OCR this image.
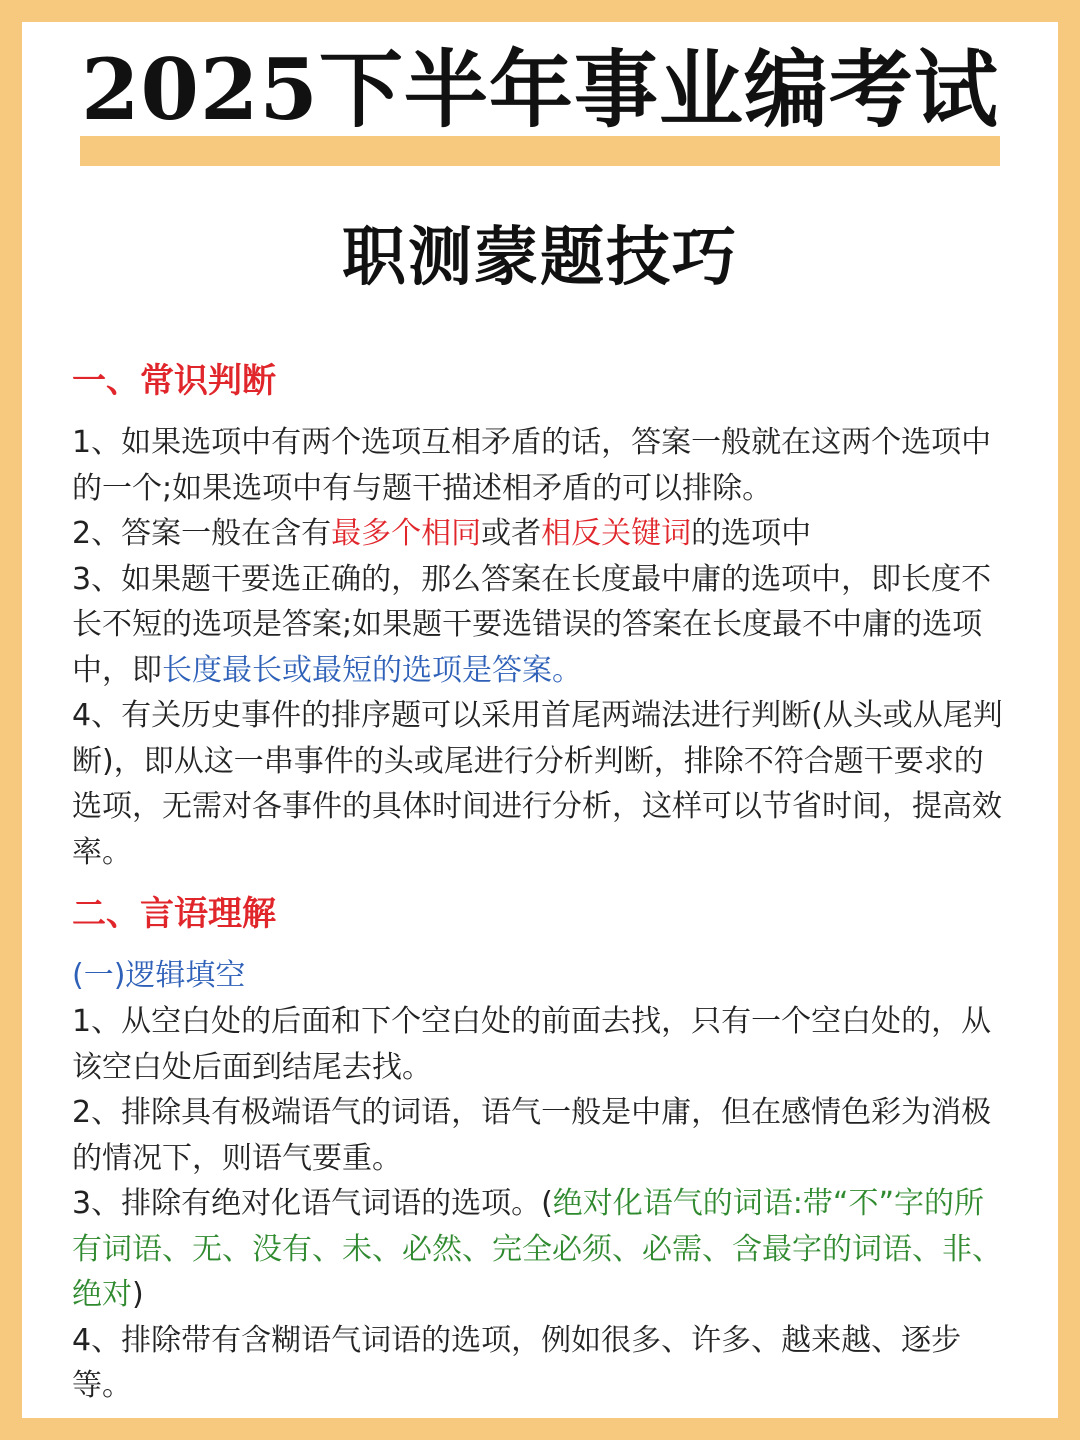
2025下半年事业编考试
职测蒙题技巧
一、常识判断

1、如果选项中有两个选项互相矛盾的话，答案一般就在这两个选项中的一个;如果选项中有与题干描述相矛盾的可以排除。

2、答案一般在含有最多个相同或者相反关键词的选项中

3、如果题干要选正确的，那么答案在长度最中庸的选项中，即长度不长不短的选项是答案;如果题干要选错误的答案在长度最不中庸的选项中，即长度最长或最短的选项是答案。

4、有关历史事件的排序题可以采用首尾两端法进行判断(从头或从尾判断)，即从这一串事件的头或尾进行分析判断，排除不符合题干要求的选项，无需对各事件的具体时间进行分析，这样可以节省时间，提高效率。

二、言语理解
(一)逻辑填空

1、从空白处的后面和下个空白处的前面去找，只有一个空白处的，从该空白处后面到结尾去找。

2、排除具有极端语气的词语，语气一般是中庸，但在感情色彩为消极的情况下，则语气要重。

3、排除有绝对化语气词语的选项。(绝对化语气的词语:带“不”字的所有词语、无、没有、未、必然、完全必须、必需、含最字的词语、非、绝对)

4、排除带有含糊语气词语的选项，例如很多、许多、越来越、逐步等。
